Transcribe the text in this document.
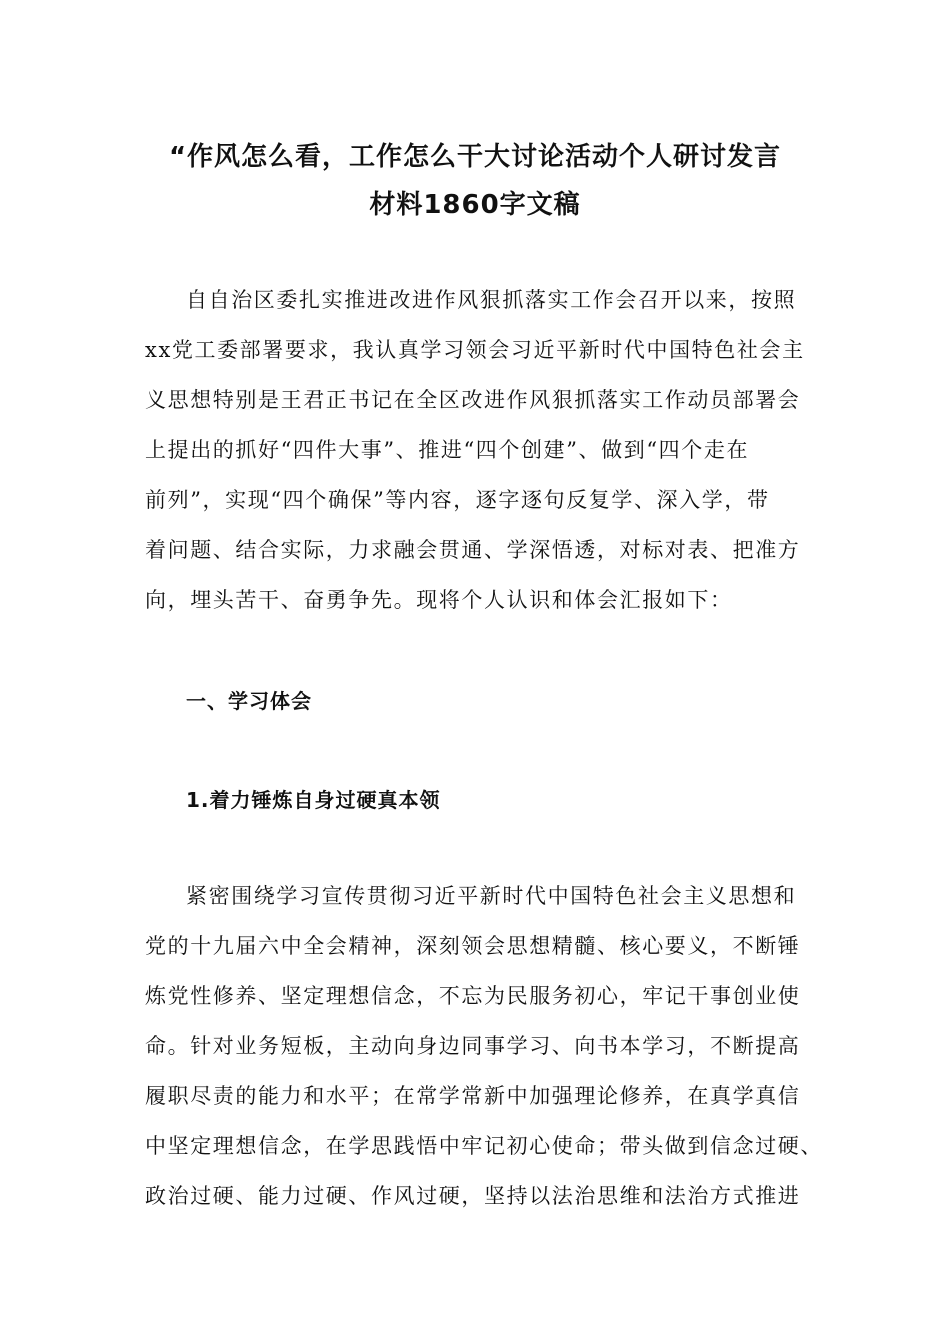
“作风怎么看，工作怎么干大讨论活动个人研讨发言
材料1860字文稿
自自治区委扎实推进改进作风狠抓落实工作会召开以来，按照
xx党工委部署要求，我认真学习领会习近平新时代中国特色社会主
义思想特别是王君正书记在全区改进作风狠抓落实工作动员部署会
上提出的抓好“四件大事”、推进“四个创建”、做到“四个走在
前列”，实现“四个确保”等内容，逐字逐句反复学、深入学，带
着问题、结合实际，力求融会贯通、学深悟透，对标对表、把准方
向，埋头苦干、奋勇争先。现将个人认识和体会汇报如下：
一、学习体会
1.着力锤炼自身过硬真本领
紧密围绕学习宣传贯彻习近平新时代中国特色社会主义思想和
党的十九届六中全会精神，深刻领会思想精髓、核心要义，不断锤
炼党性修养、坚定理想信念，不忘为民服务初心，牢记干事创业使
命。针对业务短板，主动向身边同事学习、向书本学习，不断提高
履职尽责的能力和水平；在常学常新中加强理论修养，在真学真信
中坚定理想信念，在学思践悟中牢记初心使命；带头做到信念过硬、
政治过硬、能力过硬、作风过硬，坚持以法治思维和法治方式推进
